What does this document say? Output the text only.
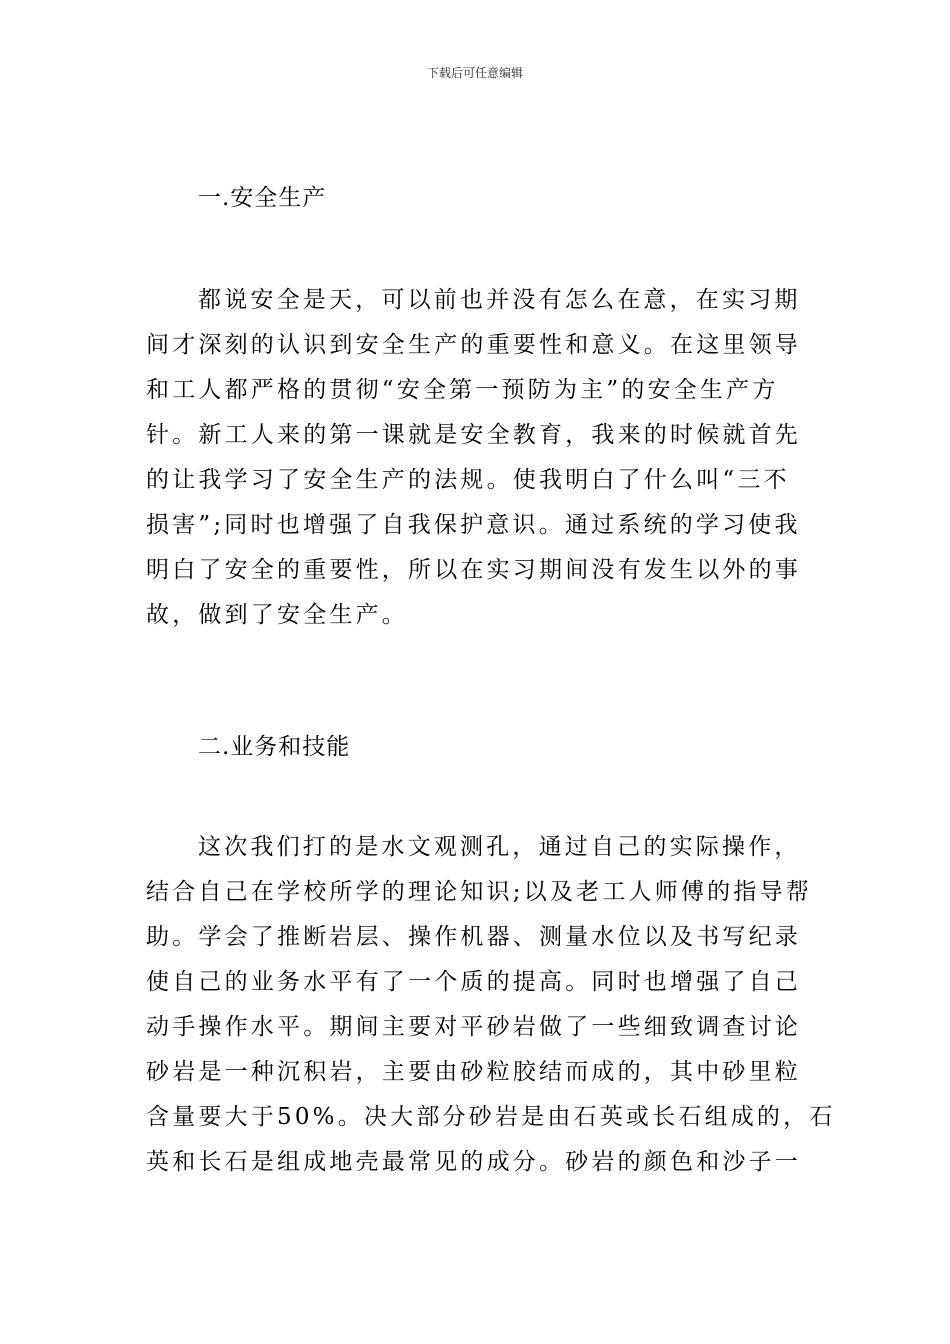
下载后可任意编辑
一.安全生产
都说安全是天，可以前也并没有怎么在意，在实习期
间才深刻的认识到安全生产的重要性和意义。在这里领导
和工人都严格的贯彻“安全第一预防为主”的安全生产方
针。新工人来的第一课就是安全教育，我来的时候就首先
的让我学习了安全生产的法规。使我明白了什么叫“三不
损害”;同时也增强了自我保护意识。通过系统的学习使我
明白了安全的重要性，所以在实习期间没有发生以外的事
故，做到了安全生产。
二.业务和技能
这次我们打的是水文观测孔，通过自己的实际操作，
结合自己在学校所学的理论知识;以及老工人师傅的指导帮
助。学会了推断岩层、操作机器、测量水位以及书写纪录
使自己的业务水平有了一个质的提高。同时也增强了自己
动手操作水平。期间主要对平砂岩做了一些细致调查讨论
砂岩是一种沉积岩，主要由砂粒胶结而成的，其中砂里粒
含量要大于50%。决大部分砂岩是由石英或长石组成的，石
英和长石是组成地壳最常见的成分。砂岩的颜色和沙子一
